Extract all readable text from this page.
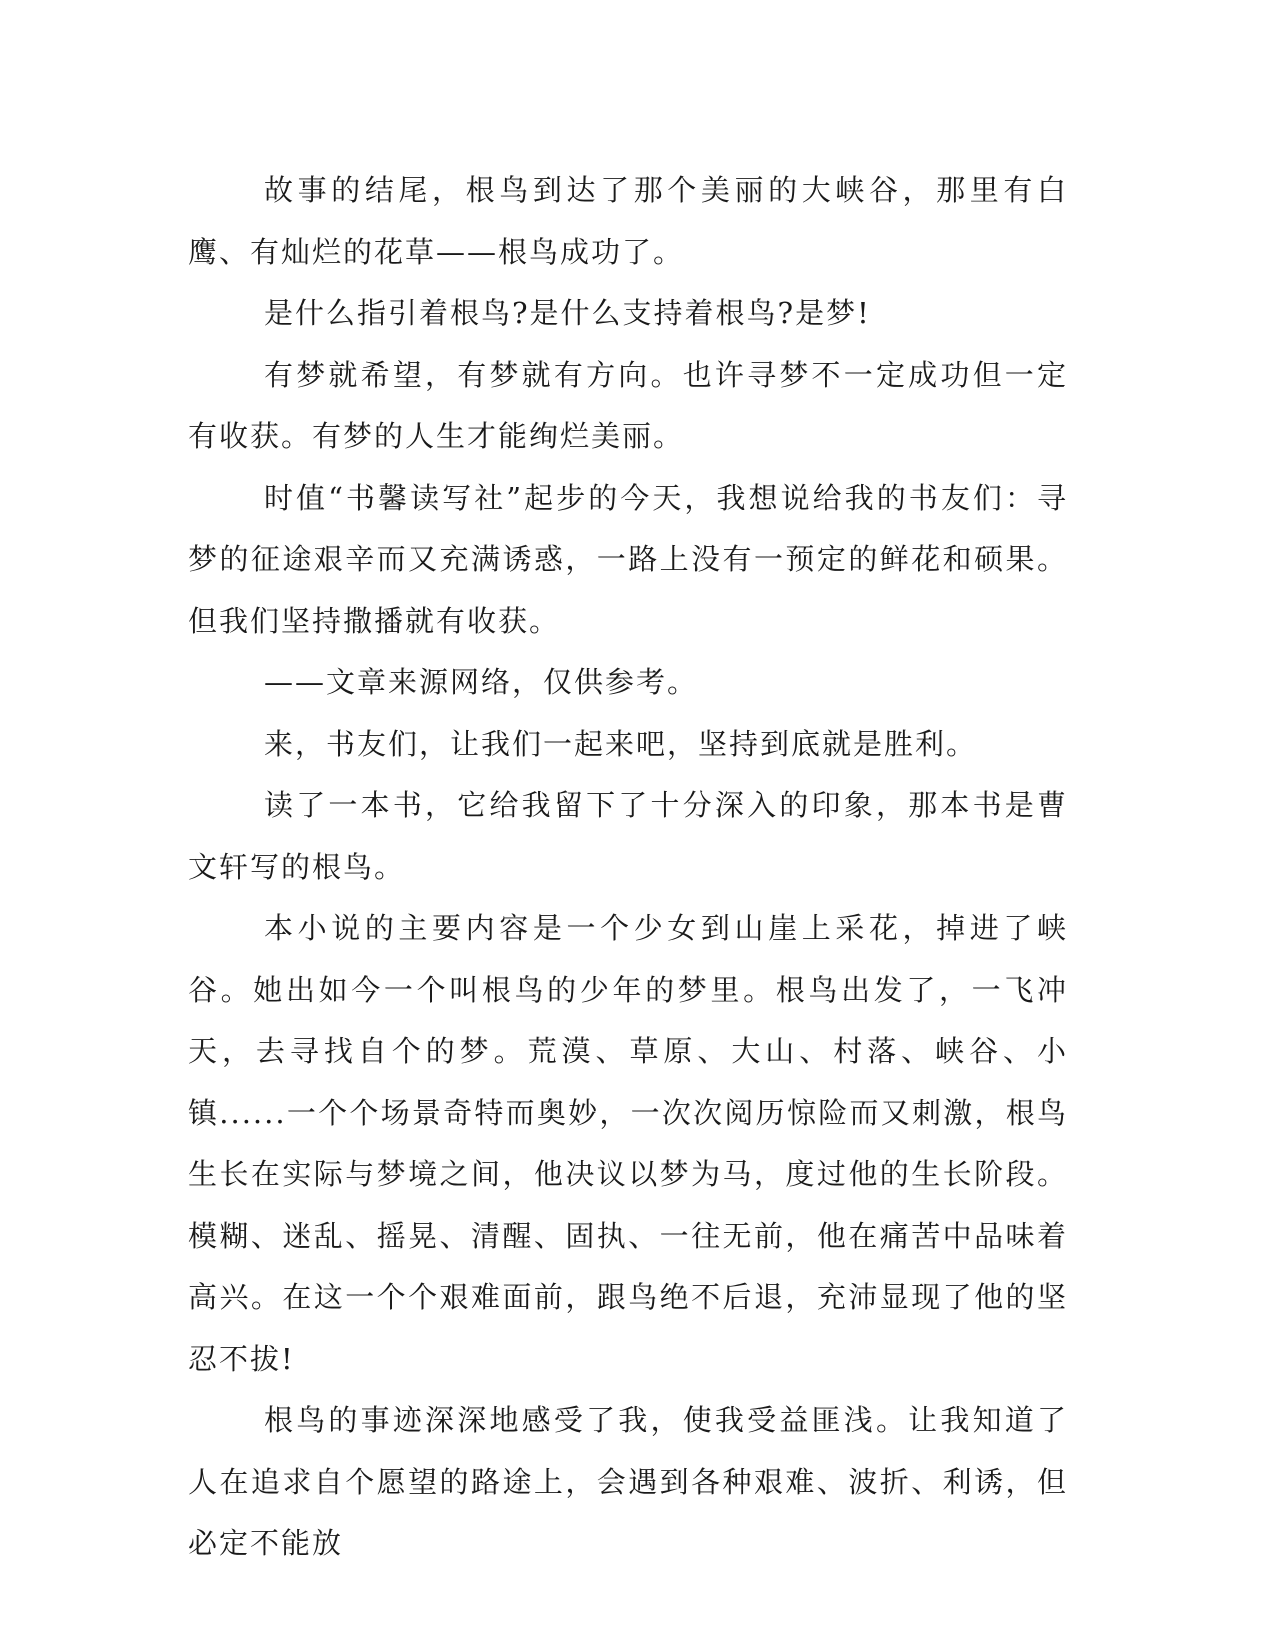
故事的结尾，根鸟到达了那个美丽的大峡谷，那里有白鹰、有灿烂的花草——根鸟成功了。

是什么指引着根鸟?是什么支持着根鸟?是梦!

有梦就希望，有梦就有方向。也许寻梦不一定成功但一定有收获。有梦的人生才能绚烂美丽。

时值“书馨读写社”起步的今天，我想说给我的书友们：寻梦的征途艰辛而又充满诱惑，一路上没有一预定的鲜花和硕果。但我们坚持撒播就有收获。

——文章来源网络，仅供参考。

来，书友们，让我们一起来吧，坚持到底就是胜利。

读了一本书，它给我留下了十分深入的印象，那本书是曹文轩写的根鸟。

本小说的主要内容是一个少女到山崖上采花，掉进了峡谷。她出如今一个叫根鸟的少年的梦里。根鸟出发了，一飞冲天，去寻找自个的梦。荒漠、草原、大山、村落、峡谷、小镇......一个个场景奇特而奥妙，一次次阅历惊险而又刺激，根鸟生长在实际与梦境之间，他决议以梦为马，度过他的生长阶段。模糊、迷乱、摇晃、清醒、固执、一往无前，他在痛苦中品味着高兴。在这一个个艰难面前，跟鸟绝不后退，充沛显现了他的坚忍不拔!

根鸟的事迹深深地感受了我，使我受益匪浅。让我知道了人在追求自个愿望的路途上，会遇到各种艰难、波折、利诱，但必定不能放
